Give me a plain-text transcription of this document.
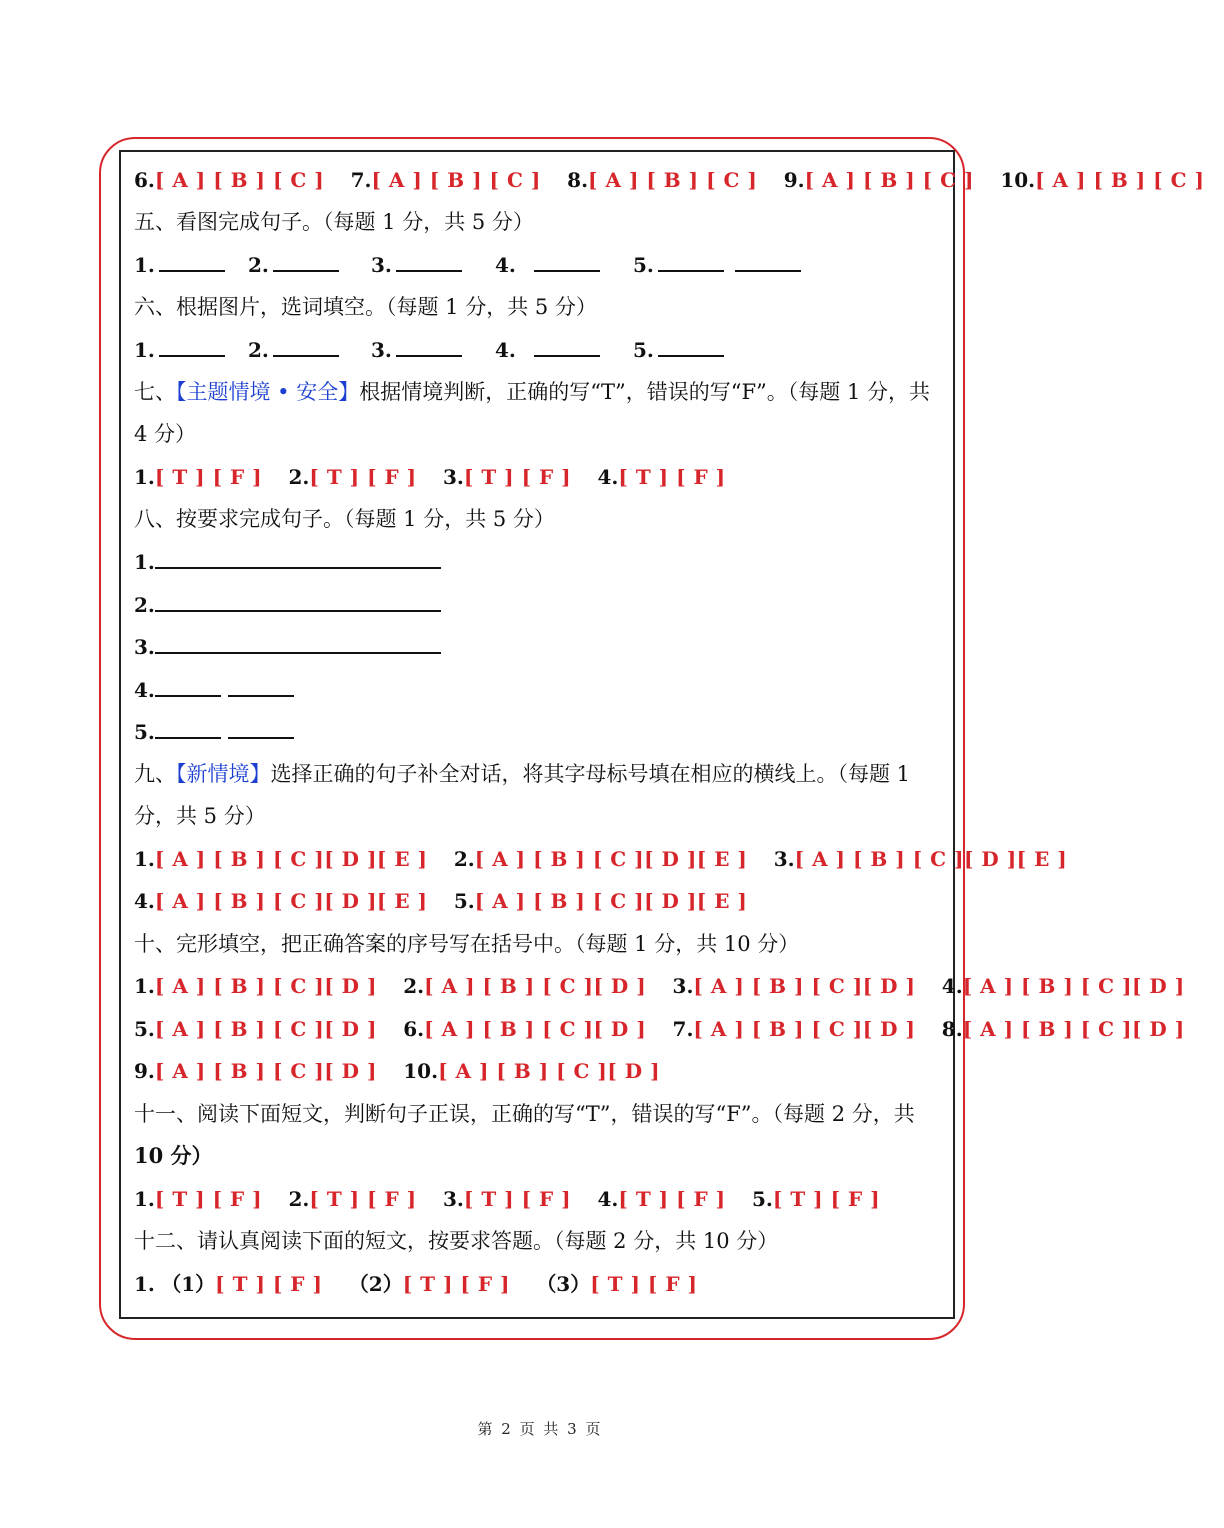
6.[ A ] [ B ] [ C ] 7.[ A ] [ B ] [ C ] 8.[ A ] [ B ] [ C ] 9.[ A ] [ B ] [ C ] 10.[ A ] [ B ] [ C ]
五、看图完成句子。（每题 1 分，共 5 分）
1.	2.	3.	4.	5.
六、根据图片，选词填空。（每题 1 分，共 5 分）
1.	2.	3.	4.	5.
七、【主题情境 • 安全】根据情境判断，正确的写“T”，错误的写“F”。（每题 1 分，共
4 分）
1.[ T ] [ F ] 2.[ T ] [ F ] 3.[ T ] [ F ] 4.[ T ] [ F ]
八、按要求完成句子。（每题 1 分，共 5 分）
1.
2.
3.
4.
5.
九、【新情境】选择正确的句子补全对话，将其字母标号填在相应的横线上。（每题 1
分，共 5 分）
1.[ A ] [ B ] [ C ][ D ][ E ] 2.[ A ] [ B ] [ C ][ D ][ E ] 3.[ A ] [ B ] [ C ][ D ][ E ]
4.[ A ] [ B ] [ C ][ D ][ E ] 5.[ A ] [ B ] [ C ][ D ][ E ]
十、完形填空，把正确答案的序号写在括号中。（每题 1 分，共 10 分）
1.[ A ] [ B ] [ C ][ D ] 2.[ A ] [ B ] [ C ][ D ] 3.[ A ] [ B ] [ C ][ D ] 4.[ A ] [ B ] [ C ][ D ]
5.[ A ] [ B ] [ C ][ D ] 6.[ A ] [ B ] [ C ][ D ] 7.[ A ] [ B ] [ C ][ D ] 8.[ A ] [ B ] [ C ][ D ]
9.[ A ] [ B ] [ C ][ D ] 10.[ A ] [ B ] [ C ][ D ]
十一、阅读下面短文，判断句子正误，正确的写“T”，错误的写“F”。（每题 2 分，共
10 分）
1.[ T ] [ F ] 2.[ T ] [ F ] 3.[ T ] [ F ] 4.[ T ] [ F ] 5.[ T ] [ F ]
十二、请认真阅读下面的短文，按要求答题。（每题 2 分，共 10 分）
1. （1）[ T ] [ F ] （2）[ T ] [ F ] （3）[ T ] [ F ]
第 2 页 共 3 页
